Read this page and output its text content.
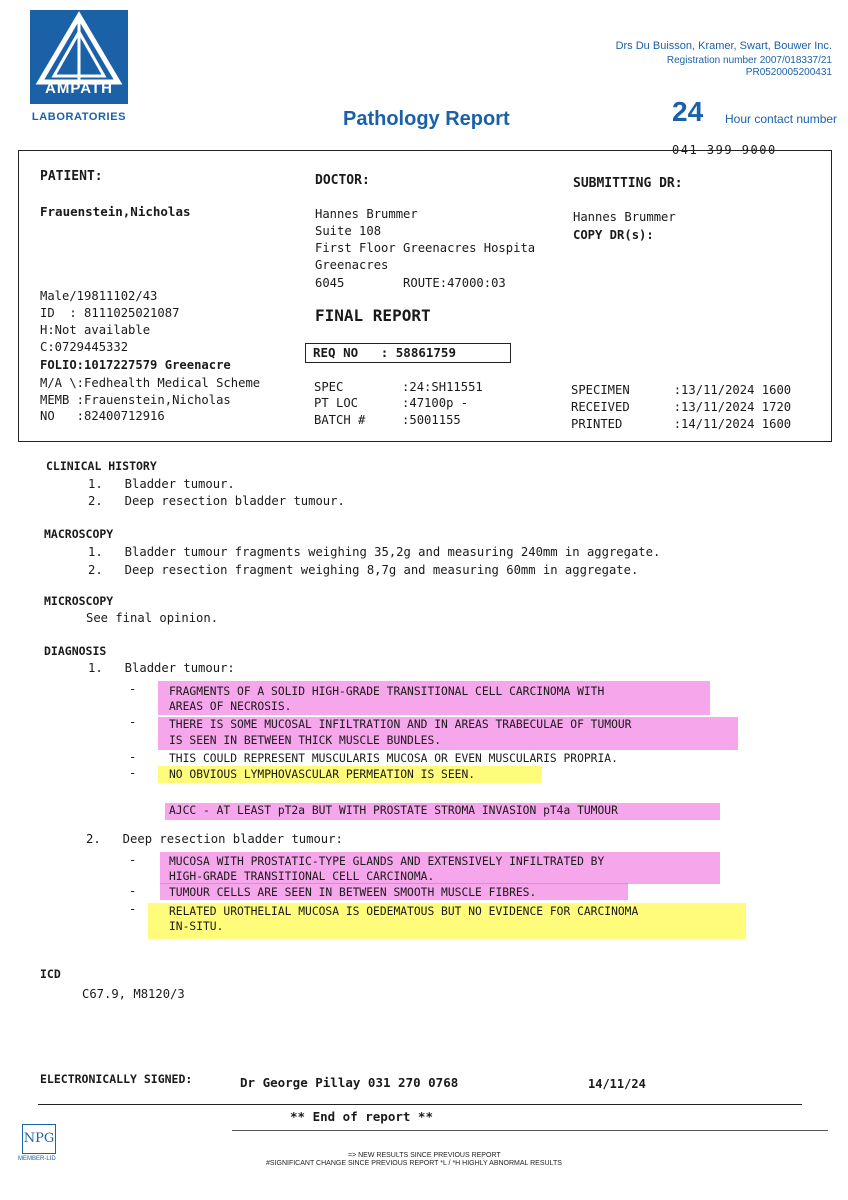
AMPATH
LABORATORIES	Pathology Report
Drs Du Buisson, Kramer, Swart, Bouwer Inc.
Registration number 2007/018337/21
PR0520005200431
24 Hour contact number
041 399 9000
PATIENT:
Frauenstein,Nicholas
Male/19811102/43
ID  : 8111025021087
H:Not available
C:0729445332
FOLIO:1017227579 Greenacre
M/A \:Fedhealth Medical Scheme
MEMB :Frauenstein,Nicholas
NO   :82400712916
DOCTOR:
Hannes Brummer
Suite 108
First Floor Greenacres Hospita
Greenacres
6045        ROUTE:47000:03
SUBMITTING DR:
Hannes Brummer
COPY DR(s):
FINAL REPORT
REQ NO   : 58861759
SPEC        :24:SH11551
PT LOC      :47100p -
BATCH #     :5001155
SPECIMEN      :13/11/2024 1600
RECEIVED      :13/11/2024 1720
PRINTED       :14/11/2024 1600
CLINICAL HISTORY
1.   Bladder tumour.
2.   Deep resection bladder tumour.
MACROSCOPY
1.   Bladder tumour fragments weighing 35,2g and measuring 240mm in aggregate.
2.   Deep resection fragment weighing 8,7g and measuring 60mm in aggregate.
MICROSCOPY
See final opinion.
DIAGNOSIS
1.   Bladder tumour:
-	FRAGMENTS OF A SOLID HIGH-GRADE TRANSITIONAL CELL CARCINOMA WITH
AREAS OF NECROSIS.
-	THERE IS SOME MUCOSAL INFILTRATION AND IN AREAS TRABECULAE OF TUMOUR
IS SEEN IN BETWEEN THICK MUSCLE BUNDLES.
-	THIS COULD REPRESENT MUSCULARIS MUCOSA OR EVEN MUSCULARIS PROPRIA.
-	NO OBVIOUS LYMPHOVASCULAR PERMEATION IS SEEN.
AJCC - AT LEAST pT2a BUT WITH PROSTATE STROMA INVASION pT4a TUMOUR
2.   Deep resection bladder tumour:
-	MUCOSA WITH PROSTATIC-TYPE GLANDS AND EXTENSIVELY INFILTRATED BY
HIGH-GRADE TRANSITIONAL CELL CARCINOMA.
-	TUMOUR CELLS ARE SEEN IN BETWEEN SMOOTH MUSCLE FIBRES.
-	RELATED UROTHELIAL MUCOSA IS OEDEMATOUS BUT NO EVIDENCE FOR CARCINOMA
IN-SITU.
ICD
C67.9, M8120/3
ELECTRONICALLY SIGNED:	Dr George Pillay 031 270 0768	14/11/24
** End of report **
NPG
MEMBER-LID	=> NEW RESULTS SINCE PREVIOUS REPORT
#SIGNIFICANT CHANGE SINCE PREVIOUS REPORT *L / *H HIGHLY ABNORMAL RESULTS
